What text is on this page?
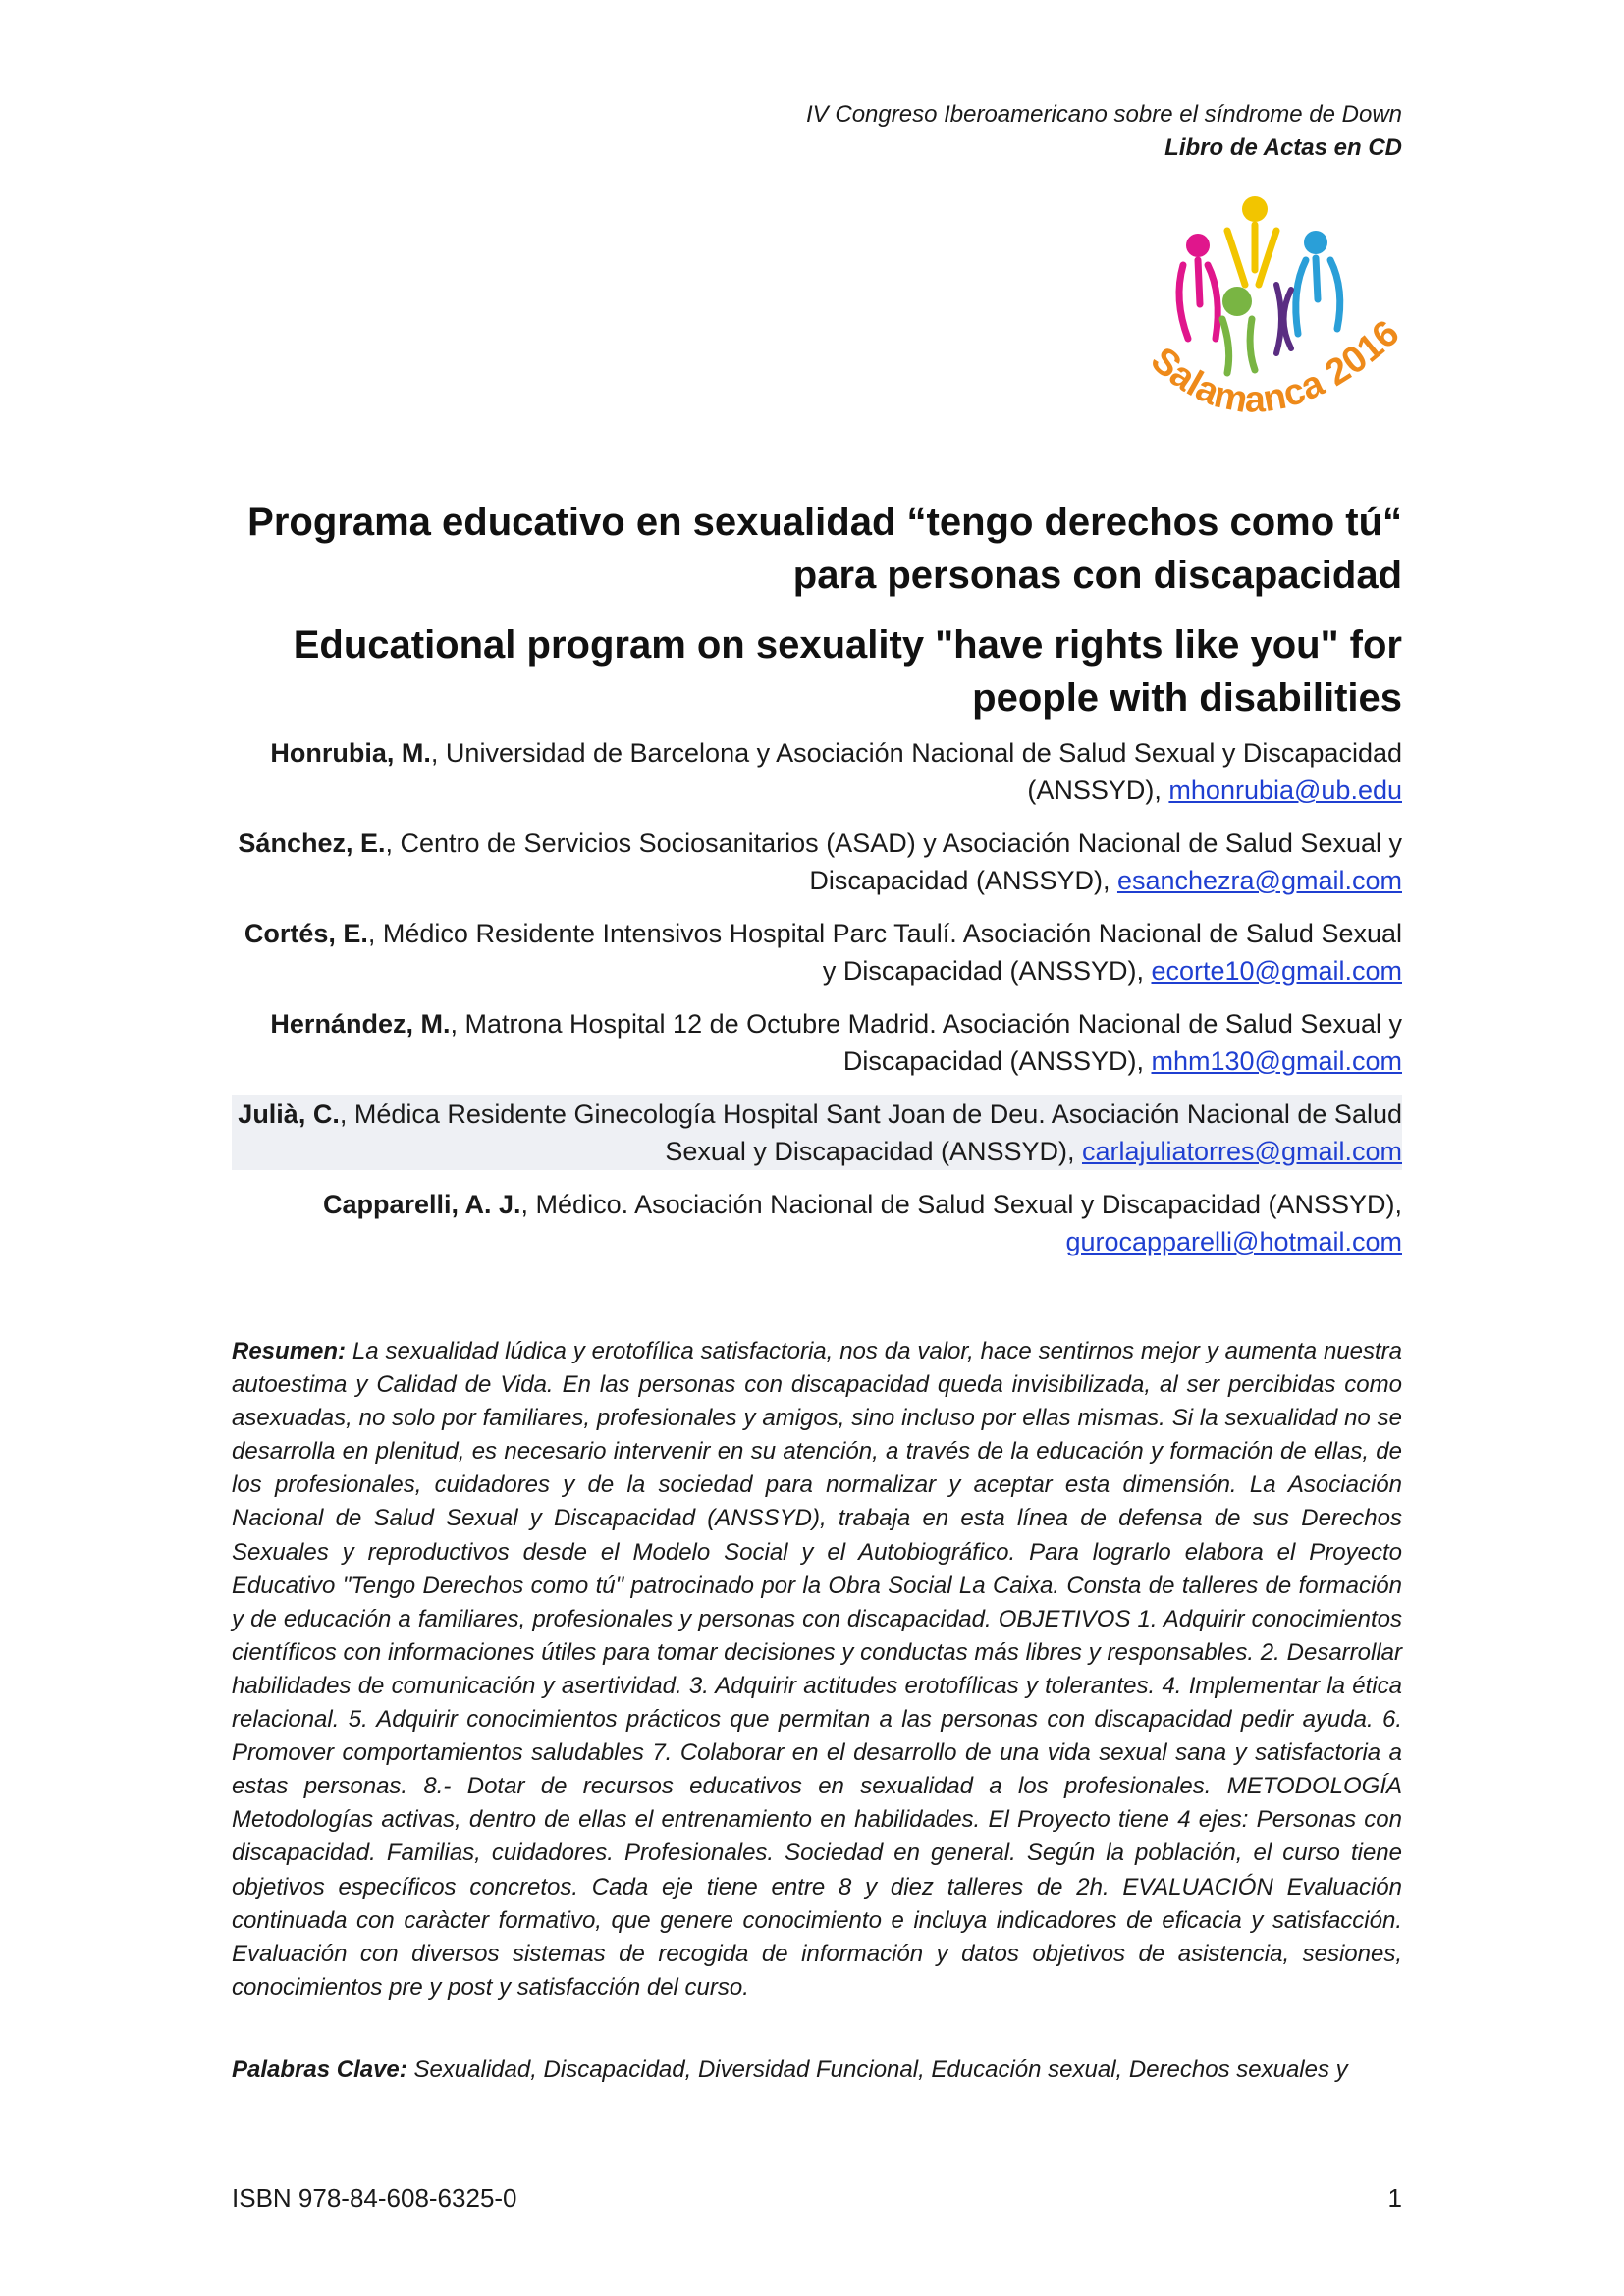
IV Congreso Iberoamericano sobre el síndrome de Down
Libro de Actas en CD
Salamanca 2016
Programa educativo en sexualidad “tengo derechos como tú“ para personas con discapacidad
Educational program on sexuality "have rights like you" for people with disabilities
Honrubia, M., Universidad de Barcelona y Asociación Nacional de Salud Sexual y Discapacidad (ANSSYD), mhonrubia@ub.edu
Sánchez, E., Centro de Servicios Sociosanitarios (ASAD) y Asociación Nacional de Salud Sexual y Discapacidad (ANSSYD), esanchezra@gmail.com
Cortés, E., Médico Residente Intensivos Hospital Parc Taulí. Asociación Nacional de Salud Sexual y Discapacidad (ANSSYD), ecorte10@gmail.com
Hernández, M., Matrona Hospital 12 de Octubre Madrid. Asociación Nacional de Salud Sexual y Discapacidad (ANSSYD), mhm130@gmail.com
Julià, C., Médica Residente Ginecología Hospital Sant Joan de Deu. Asociación Nacional de Salud Sexual y Discapacidad (ANSSYD), carlajuliatorres@gmail.com
Capparelli, A. J., Médico. Asociación Nacional de Salud Sexual y Discapacidad (ANSSYD), gurocapparelli@hotmail.com
Resumen: La sexualidad lúdica y erotofílica satisfactoria, nos da valor, hace sentirnos mejor y aumenta nuestra autoestima y Calidad de Vida. En las personas con discapacidad queda invisibilizada, al ser percibidas como asexuadas, no solo por familiares, profesionales y amigos, sino incluso por ellas mismas. Si la sexualidad no se desarrolla en plenitud, es necesario intervenir en su atención, a través de la educación y formación de ellas, de los profesionales, cuidadores y de la sociedad para normalizar y aceptar esta dimensión. La Asociación Nacional de Salud Sexual y Discapacidad (ANSSYD), trabaja en esta línea de defensa de sus Derechos Sexuales y reproductivos desde el Modelo Social y el Autobiográfico. Para lograrlo elabora el Proyecto Educativo "Tengo Derechos como tú" patrocinado por la Obra Social La Caixa. Consta de talleres de formación y de educación a familiares, profesionales y personas con discapacidad. OBJETIVOS 1. Adquirir conocimientos científicos con informaciones útiles para tomar decisiones y conductas más libres y responsables. 2. Desarrollar habilidades de comunicación y asertividad. 3. Adquirir actitudes erotofílicas y tolerantes. 4. Implementar la ética relacional. 5. Adquirir conocimientos prácticos que permitan a las personas con discapacidad pedir ayuda. 6. Promover comportamientos saludables 7. Colaborar en el desarrollo de una vida sexual sana y satisfactoria a estas personas. 8.- Dotar de recursos educativos en sexualidad a los profesionales. METODOLOGÍA Metodologías activas, dentro de ellas el entrenamiento en habilidades. El Proyecto tiene 4 ejes: Personas con discapacidad. Familias, cuidadores. Profesionales. Sociedad en general. Según la población, el curso tiene objetivos específicos concretos. Cada eje tiene entre 8 y diez talleres de 2h. EVALUACIÓN Evaluación continuada con caràcter formativo, que genere conocimiento e incluya indicadores de eficacia y satisfacción. Evaluación con diversos sistemas de recogida de información y datos objetivos de asistencia, sesiones, conocimientos pre y post y satisfacción del curso.
Palabras Clave: Sexualidad, Discapacidad, Diversidad Funcional, Educación sexual, Derechos sexuales y
ISBN 978-84-608-6325-0	1
